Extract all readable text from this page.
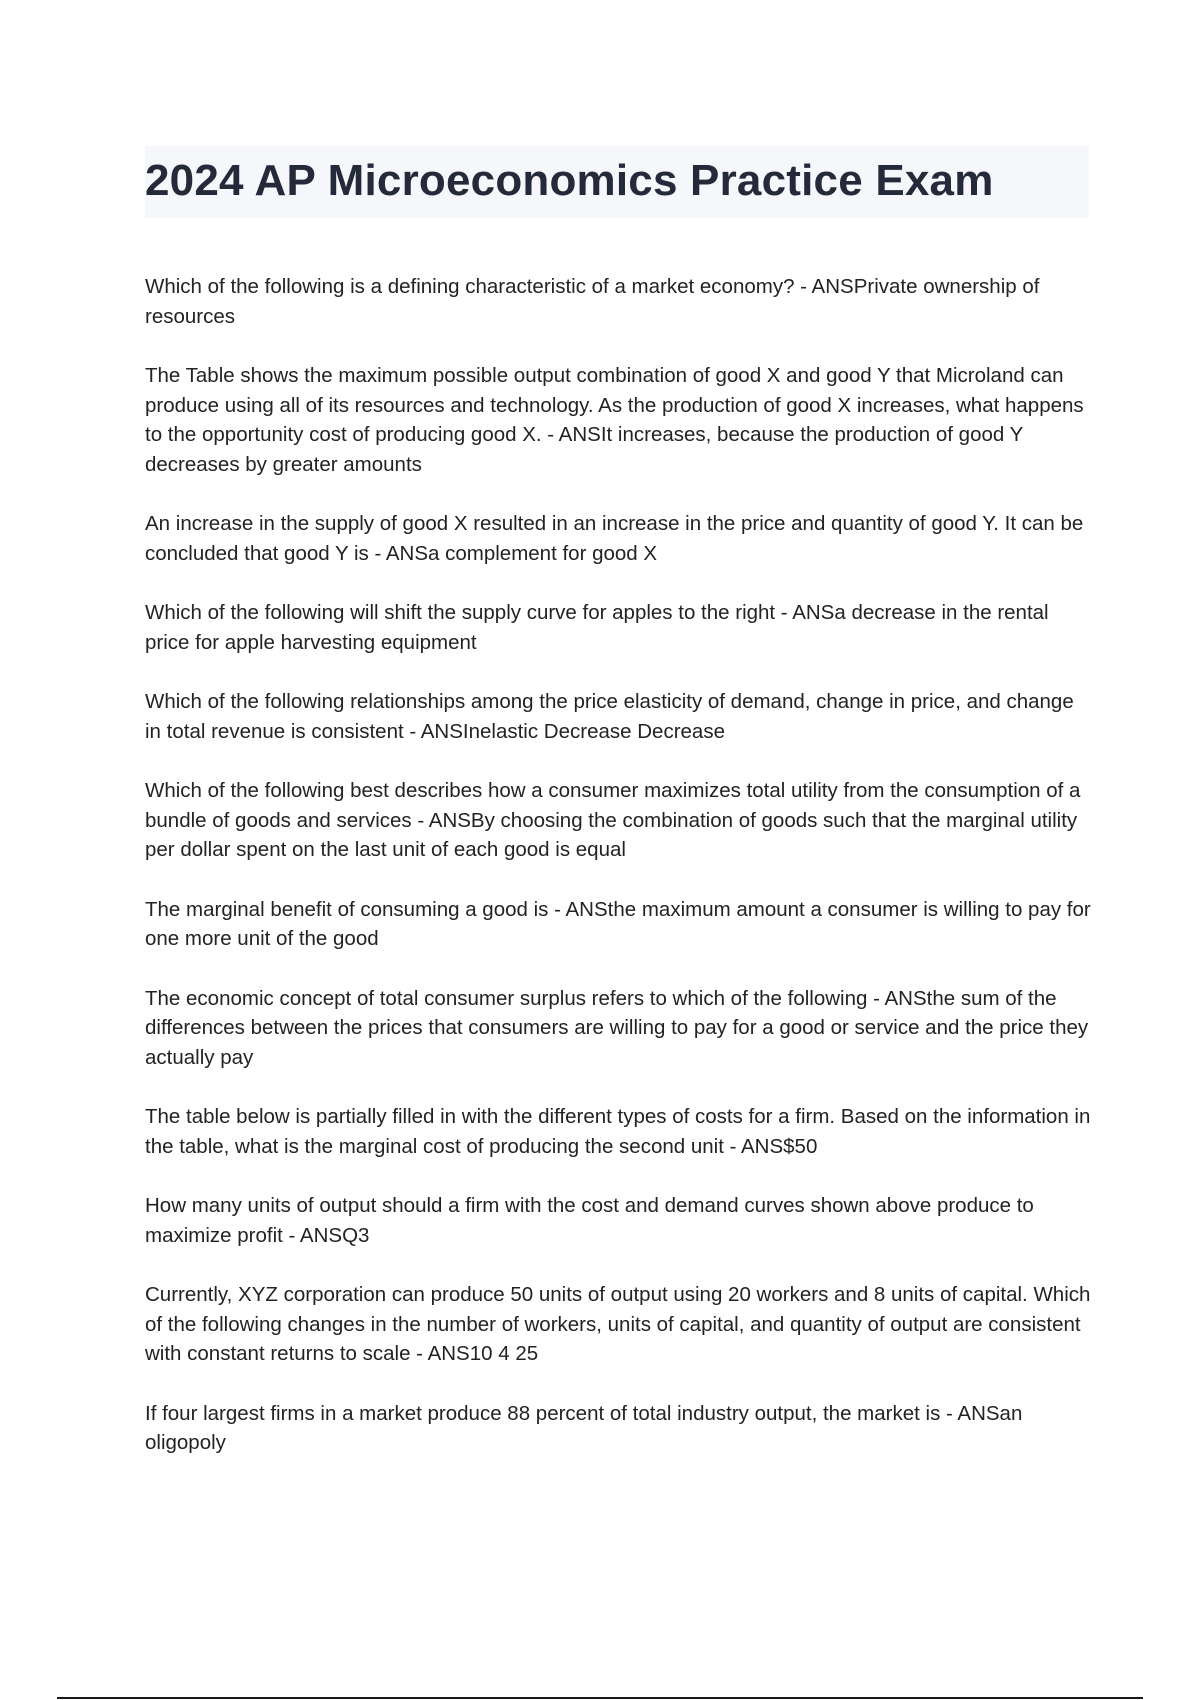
2024 AP Microeconomics Practice Exam
Which of the following is a defining characteristic of a market economy? - ANSPrivate ownership of resources
The Table shows the maximum possible output combination of good X and good Y that Microland can produce using all of its resources and technology. As the production of good X increases, what happens to the opportunity cost of producing good X. - ANSIt increases, because the production of good Y decreases by greater amounts
An increase in the supply of good X resulted in an increase in the price and quantity of good Y. It can be concluded that good Y is - ANSa complement for good X
Which of the following will shift the supply curve for apples to the right - ANSa decrease in the rental price for apple harvesting equipment
Which of the following relationships among the price elasticity of demand, change in price, and change in total revenue is consistent - ANSInelastic Decrease Decrease
Which of the following best describes how a consumer maximizes total utility from the consumption of a bundle of goods and services - ANSBy choosing the combination of goods such that the marginal utility per dollar spent on the last unit of each good is equal
The marginal benefit of consuming a good is - ANSthe maximum amount a consumer is willing to pay for one more unit of the good
The economic concept of total consumer surplus refers to which of the following - ANSthe sum of the differences between the prices that consumers are willing to pay for a good or service and the price they actually pay
The table below is partially filled in with the different types of costs for a firm. Based on the information in the table, what is the marginal cost of producing the second unit - ANS$50
How many units of output should a firm with the cost and demand curves shown above produce to maximize profit - ANSQ3
Currently, XYZ corporation can produce 50 units of output using 20 workers and 8 units of capital. Which of the following changes in the number of workers, units of capital, and quantity of output are consistent with constant returns to scale - ANS10 4 25
If four largest firms in a market produce 88 percent of total industry output, the market is - ANSan oligopoly
